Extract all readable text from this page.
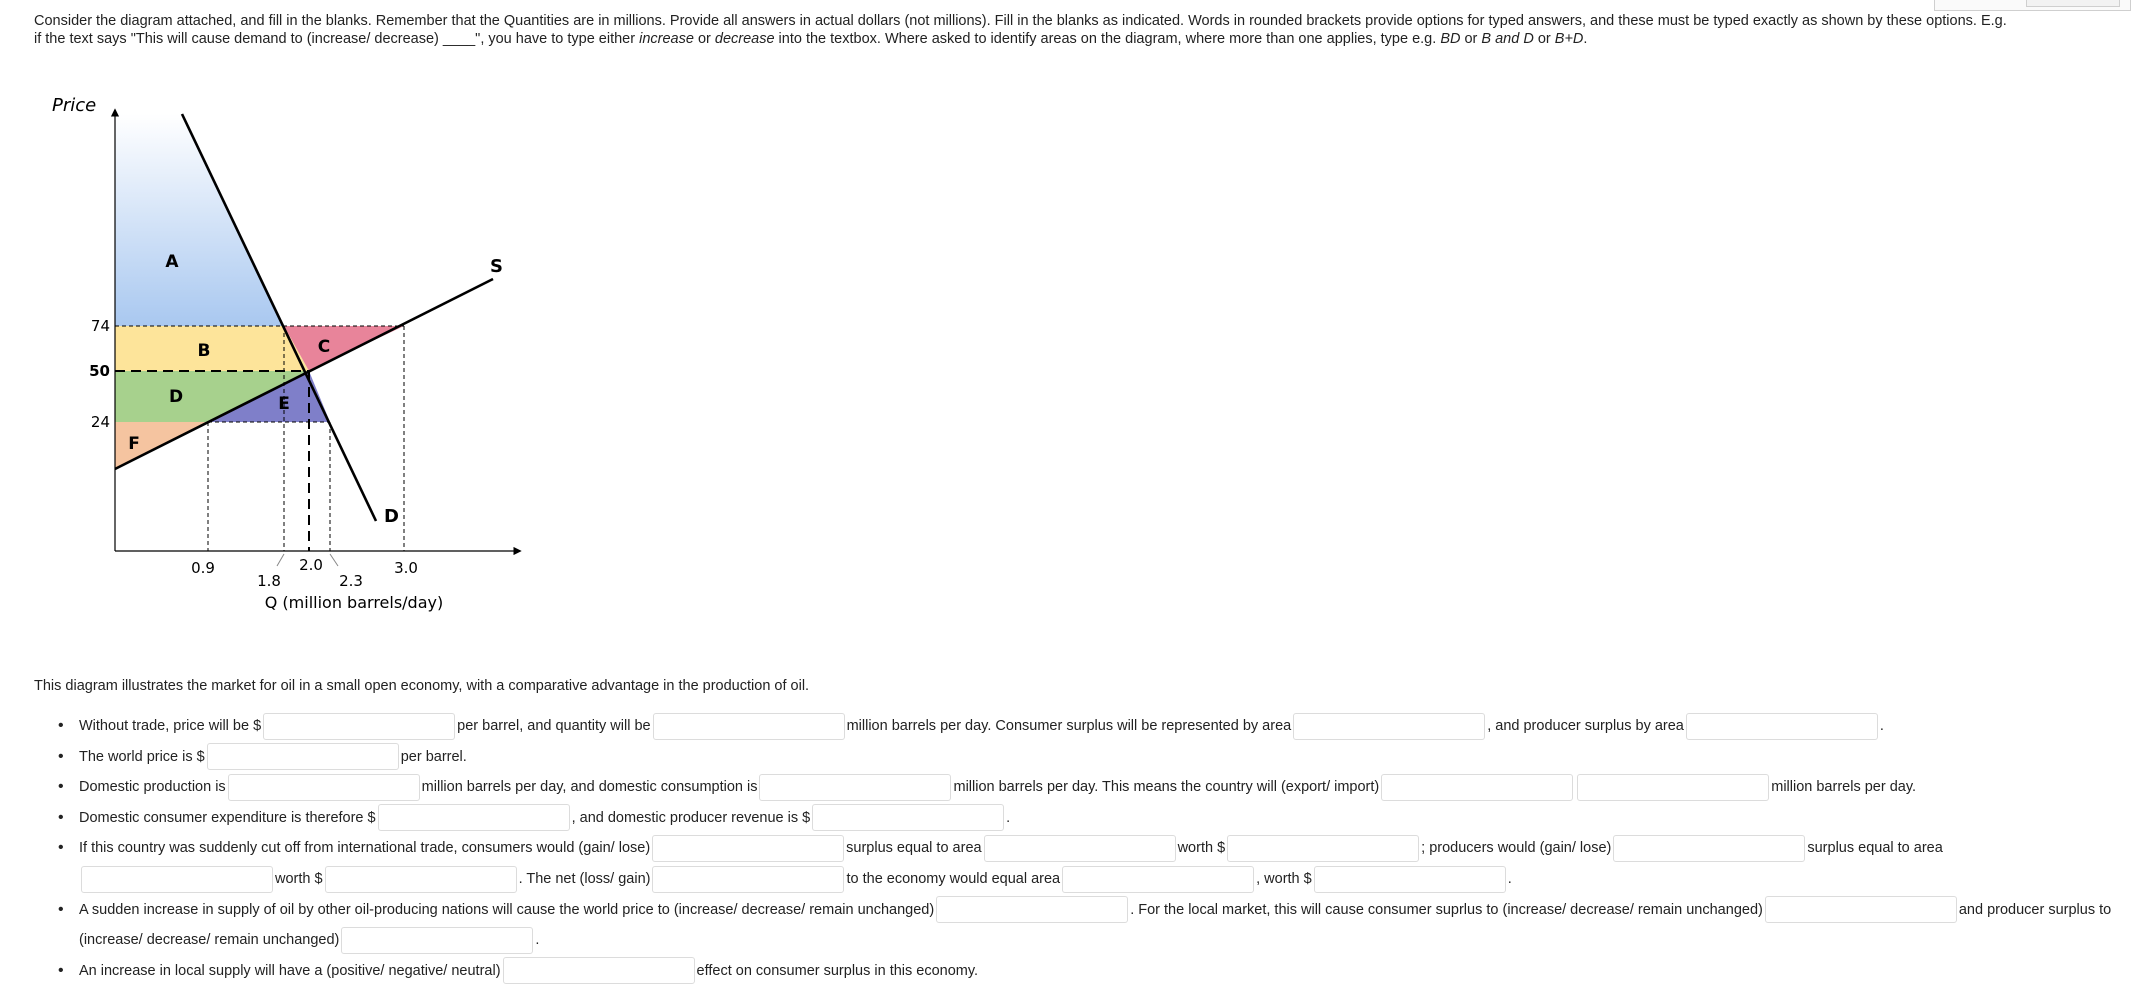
Consider the diagram attached, and fill in the blanks. Remember that the Quantities are in millions. Provide all answers in actual dollars (not millions). Fill in the blanks as indicated. Words in rounded brackets provide options for typed answers, and these must be typed exactly as shown by these options. E.g.

if the text says "This will cause demand to (increase/ decrease) ____", you have to type either increase or decrease into the textbox. Where asked to identify areas on the diagram, where more than one applies, type e.g. BD or B and D or B+D.

Price
Q (million barrels/day)
74
50
24
0.9
1.8
2.0
2.3
3.0
S
D
A
B	C
D	E
F

This diagram illustrates the market for oil in a small open economy, with a comparative advantage in the production of oil.

• Without trade, price will be $	per barrel, and quantity will be	million barrels per day. Consumer surplus will be represented by area	, and producer surplus by area	.
• The world price is $	per barrel.
• Domestic production is	million barrels per day, and domestic consumption is	million barrels per day. This means the country will (export/ import)	million barrels per day.
• Domestic consumer expenditure is therefore $	, and domestic producer revenue is $	.
• If this country was suddenly cut off from international trade, consumers would (gain/ lose)	surplus equal to area	worth $	; producers would (gain/ lose)	surplus equal to areaworth $	. The net (loss/ gain)	to the economy would equal area	, worth $	.
• A sudden increase in supply of oil by other oil-producing nations will cause the world price to (increase/ decrease/ remain unchanged)	. For the local market, this will cause consumer suprlus to (increase/ decrease/ remain unchanged)	and producer surplus to (increase/ decrease/ remain unchanged)	.
• An increase in local supply will have a (positive/ negative/ neutral)	effect on consumer surplus in this economy.
